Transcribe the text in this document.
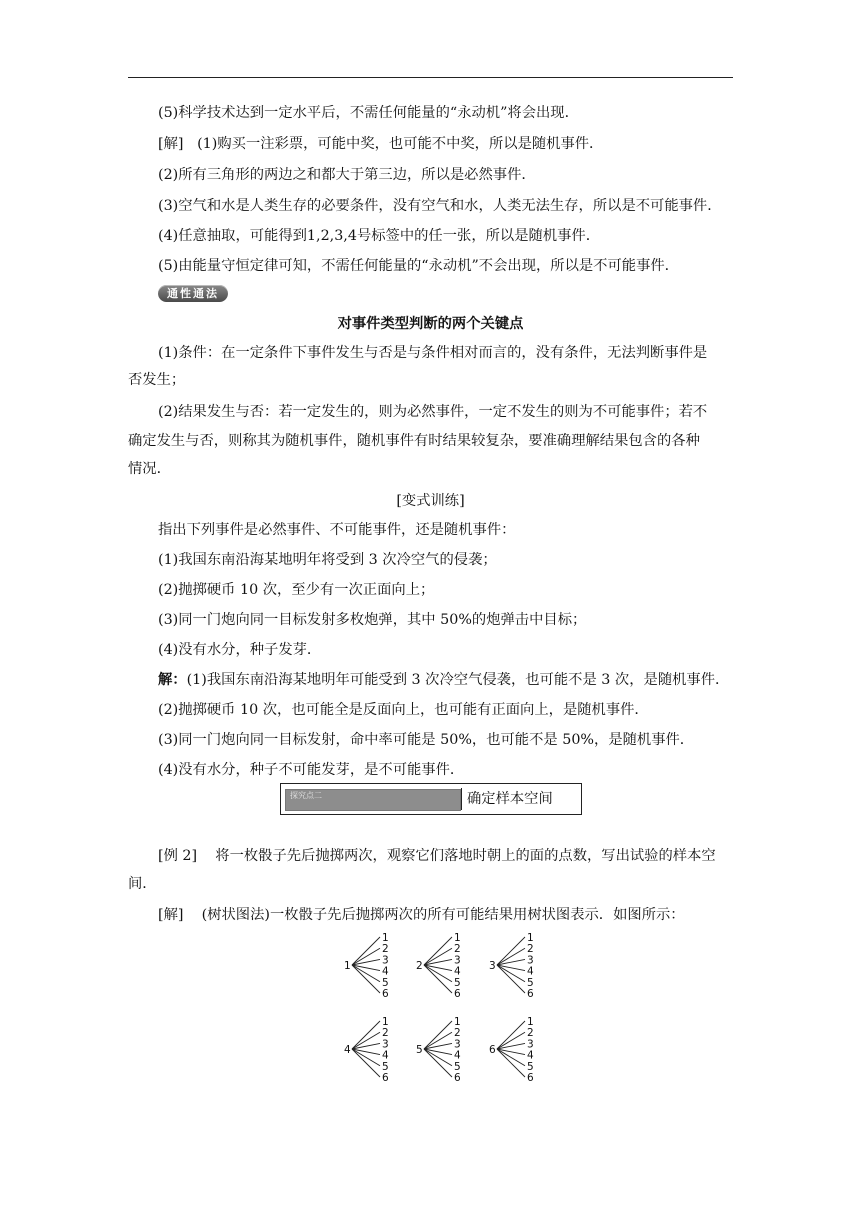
(5)科学技术达到一定水平后，不需任何能量的“永动机”将会出现．
[解] (1)购买一注彩票，可能中奖，也可能不中奖，所以是随机事件．
(2)所有三角形的两边之和都大于第三边，所以是必然事件．
(3)空气和水是人类生存的必要条件，没有空气和水，人类无法生存，所以是不可能事件．
(4)任意抽取，可能得到1,2,3,4号标签中的任一张，所以是随机事件．
(5)由能量守恒定律可知，不需任何能量的“永动机”不会出现，所以是不可能事件．
通性通法
对事件类型判断的两个关键点
(1)条件：在一定条件下事件发生与否是与条件相对而言的，没有条件，无法判断事件是
否发生；
(2)结果发生与否：若一定发生的，则为必然事件，一定不发生的则为不可能事件；若不
确定发生与否，则称其为随机事件，随机事件有时结果较复杂，要准确理解结果包含的各种
情况．
[变式训练]
指出下列事件是必然事件、不可能事件，还是随机事件：
(1)我国东南沿海某地明年将受到 3 次冷空气的侵袭；
(2)抛掷硬币 10 次，至少有一次正面向上；
(3)同一门炮向同一目标发射多枚炮弹，其中 50%的炮弹击中目标；
(4)没有水分，种子发芽．
解：(1)我国东南沿海某地明年可能受到 3 次冷空气侵袭，也可能不是 3 次，是随机事件．
(2)抛掷硬币 10 次，也可能全是反面向上，也可能有正面向上，是随机事件．
(3)同一门炮向同一目标发射，命中率可能是 50%，也可能不是 50%，是随机事件．
(4)没有水分，种子不可能发芽，是不可能事件．
探究点二	确定样本空间
[例 2] 将一枚骰子先后抛掷两次，观察它们落地时朝上的面的点数，写出试验的样本空
间．
[解] (树状图法)一枚骰子先后抛掷两次的所有可能结果用树状图表示．如图所示：
1
1
2
3
4
5
6
2
1
2
3
4
5
6
3
1
2
3
4
5
6
4
1
2
3
4
5
6
5
1
2
3
4
5
6
6
1
2
3
4
5
6
